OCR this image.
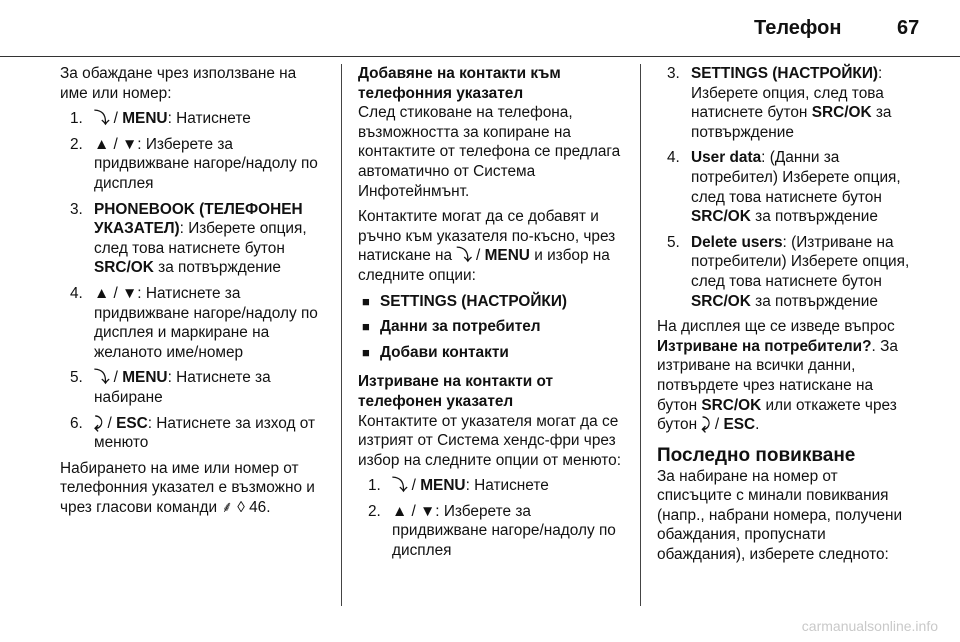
Телефон	67

За обаждане чрез използване на име или номер:

1. ⤵ / MENU: Натиснете
2. ▲ / ▼: Изберете за придвижване нагоре/надолу по дисплея
3. PHONEBOOK (ТЕЛЕФОНЕН УКАЗАТЕЛ): Изберете опция, след това натиснете бутон SRC/OK за потвърждение
4. ▲ / ▼: Натиснете за придвижване нагоре/надолу по дисплея и маркиране на желаното име/номер
5. ⤵ / MENU: Натиснете за набиране
6. ⤸ / ESC: Натиснете за изход от менюто

Набирането на име или номер от телефонния указател е възможно и чрез гласови команди ⸙ ◊ 46.

Добавяне на контакти към телефонния указател

След стиковане на телефона, възможността за копиране на контактите от телефона се предлага автоматично от Система Инфотейнмънт.

Контактите могат да се добавят и ръчно към указателя по-късно, чрез натискане на ⤵ / MENU и избор на следните опции:

■ SETTINGS (НАСТРОЙКИ)
■ Данни за потребител
■ Добави контакти
Изтриване на контакти от телефонен указател

Контактите от указателя могат да се изтрият от Система хендс-фри чрез избор на следните опции от менюто:

1. ⤵ / MENU: Натиснете
2. ▲ / ▼: Изберете за придвижване нагоре/надолу по дисплея
3. SETTINGS (НАСТРОЙКИ): Изберете опция, след това натиснете бутон SRC/OK за потвърждение
4. User data: (Данни за потребител) Изберете опция, след това натиснете бутон SRC/OK за потвърждение
5. Delete users: (Изтриване на потребители) Изберете опция, след това натиснете бутон SRC/OK за потвърждение

На дисплея ще се изведе въпрос Изтриване на потребители?. За изтриване на всички данни, потвърдете чрез натискане на бутон SRC/OK или откажете чрез бутон ⤸ / ESC.

Последно повикване

За набиране на номер от списъците с минали повиквания (напр., набрани номера, получени обаждания, пропуснати обаждания), изберете следното:

carmanualsonline.info
